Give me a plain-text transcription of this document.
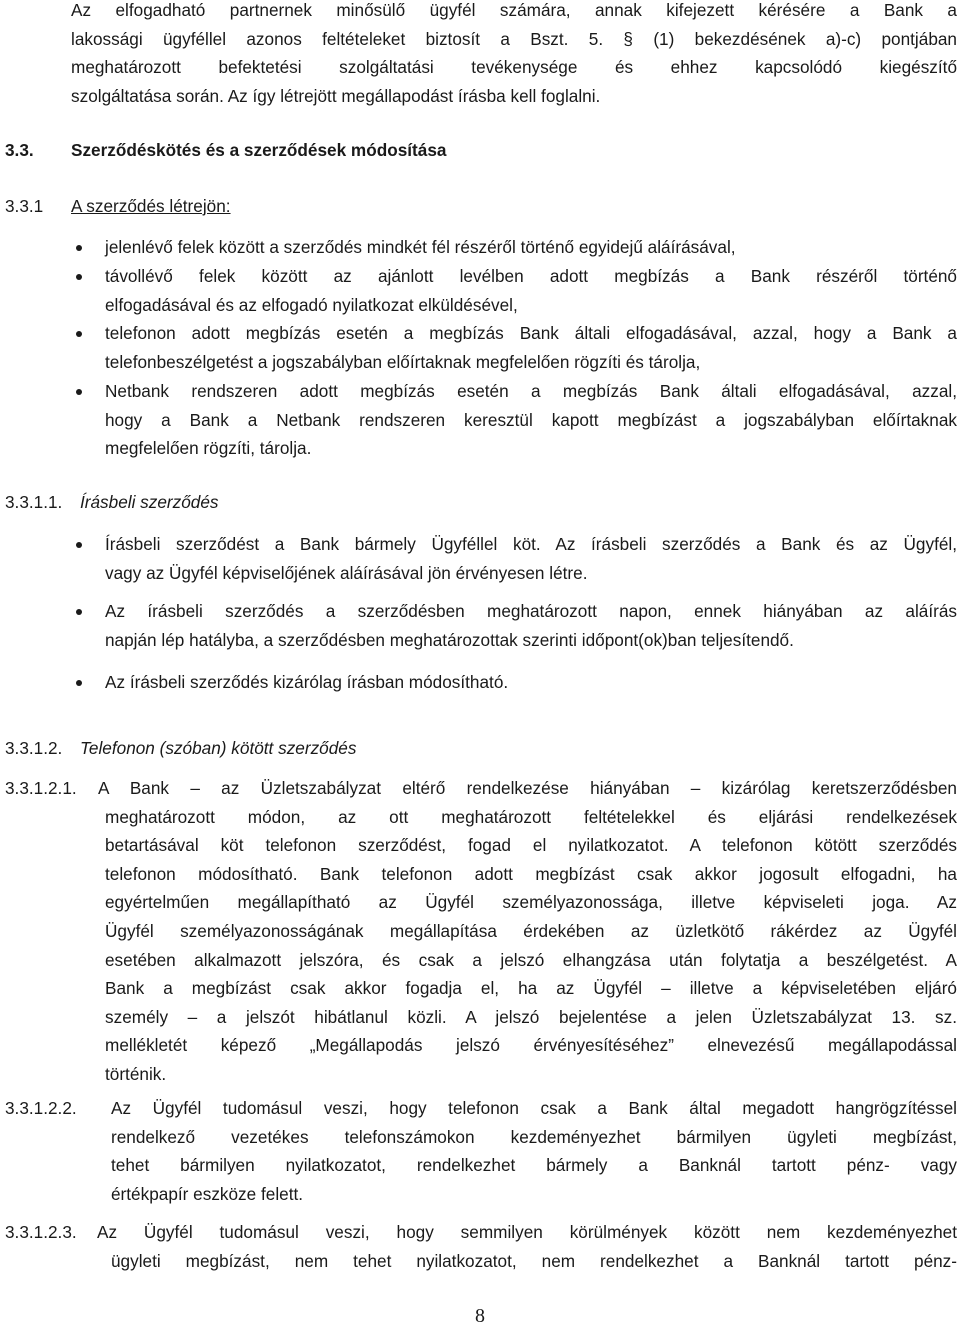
Az elfogadható partnernek minősülő ügyfél számára, annak kifejezett kérésére a Bank a
lakossági ügyféllel azonos feltételeket biztosít a Bszt. 5. § (1) bekezdésének a)-c) pontjában
meghatározott befektetési szolgáltatási tevékenysége és ehhez kapcsolódó kiegészítő
szolgáltatása során. Az így létrejött megállapodást írásba kell foglalni.
3.3. Szerződéskötés és a szerződések módosítása
3.3.1 A szerződés létrejön:
jelenlévő felek között a szerződés mindkét fél részéről történő egyidejű aláírásával,
távollévő felek között az ajánlott levélben adott megbízás a Bank részéről történő
elfogadásával és az elfogadó nyilatkozat elküldésével,
telefonon adott megbízás esetén a megbízás Bank általi elfogadásával, azzal, hogy a Bank a
telefonbeszélgetést a jogszabályban előírtaknak megfelelően rögzíti és tárolja,
Netbank rendszeren adott megbízás esetén a megbízás Bank általi elfogadásával, azzal,
hogy a Bank a Netbank rendszeren keresztül kapott megbízást a jogszabályban előírtaknak
megfelelően rögzíti, tárolja.
3.3.1.1. Írásbeli szerződés
Írásbeli szerződést a Bank bármely Ügyféllel köt. Az írásbeli szerződés a Bank és az Ügyfél,
vagy az Ügyfél képviselőjének aláírásával jön érvényesen létre.
Az írásbeli szerződés a szerződésben meghatározott napon, ennek hiányában az aláírás
napján lép hatályba, a szerződésben meghatározottak szerinti időpont(ok)ban teljesítendő.
Az írásbeli szerződés kizárólag írásban módosítható.
3.3.1.2. Telefonon (szóban) kötött szerződés
3.3.1.2.1. A Bank – az Üzletszabályzat eltérő rendelkezése hiányában – kizárólag keretszerződésben
meghatározott módon, az ott meghatározott feltételekkel és eljárási rendelkezések
betartásával köt telefonon szerződést, fogad el nyilatkozatot. A telefonon kötött szerződés
telefonon módosítható. Bank telefonon adott megbízást csak akkor jogosult elfogadni, ha
egyértelműen megállapítható az Ügyfél személyazonossága, illetve képviseleti joga. Az
Ügyfél személyazonosságának megállapítása érdekében az üzletkötő rákérdez az Ügyfél
esetében alkalmazott jelszóra, és csak a jelszó elhangzása után folytatja a beszélgetést. A
Bank a megbízást csak akkor fogadja el, ha az Ügyfél – illetve a képviseletében eljáró
személy – a jelszót hibátlanul közli. A jelszó bejelentése a jelen Üzletszabályzat 13. sz.
mellékletét képező „Megállapodás jelszó érvényesítéséhez” elnevezésű megállapodással
történik.
3.3.1.2.2. Az Ügyfél tudomásul veszi, hogy telefonon csak a Bank által megadott hangrögzítéssel
rendelkező vezetékes telefonszámokon kezdeményezhet bármilyen ügyleti megbízást,
tehet bármilyen nyilatkozatot, rendelkezhet bármely a Banknál tartott pénz- vagy
értékpapír eszköze felett.
3.3.1.2.3. Az Ügyfél tudomásul veszi, hogy semmilyen körülmények között nem kezdeményezhet
ügyleti megbízást, nem tehet nyilatkozatot, nem rendelkezhet a Banknál tartott pénz-
8
